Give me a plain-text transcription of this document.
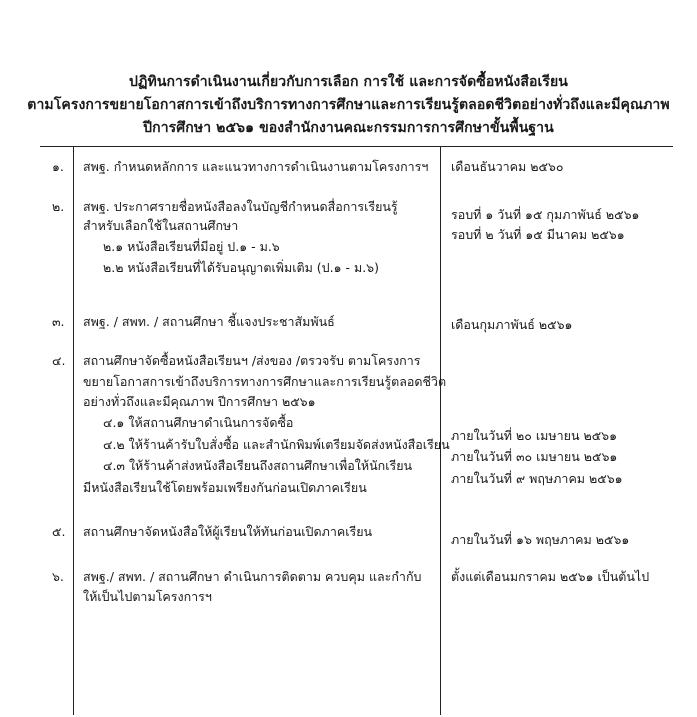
ปฏิทินการดำเนินงานเกี่ยวกับการเลือก การใช้ และการจัดซื้อหนังสือเรียน
ตามโครงการขยายโอกาสการเข้าถึงบริการทางการศึกษาและการเรียนรู้ตลอดชีวิตอย่างทั่วถึงและมีคุณภาพ
ปีการศึกษา ๒๕๖๑ ของสำนักงานคณะกรรมการการศึกษาขั้นพื้นฐาน
๑. สพฐ. กำหนดหลักการ และแนวทางการดำเนินงานตามโครงการฯ เดือนธันวาคม ๒๕๖๐
๒. สพฐ. ประกาศรายชื่อหนังสือลงในบัญชีกำหนดสื่อการเรียนรู้
สำหรับเลือกใช้ในสถานศึกษา
๒.๑ หนังสือเรียนที่มีอยู่ ป.๑ - ม.๖
๒.๒ หนังสือเรียนที่ได้รับอนุญาตเพิ่มเติม (ป.๑ - ม.๖)
รอบที่ ๑ วันที่ ๑๕ กุมภาพันธ์ ๒๕๖๑
รอบที่ ๒ วันที่ ๑๕ มีนาคม ๒๕๖๑
๓. สพฐ. / สพท. / สถานศึกษา ชี้แจงประชาสัมพันธ์	เดือนกุมภาพันธ์ ๒๕๖๑
๔. สถานศึกษาจัดซื้อหนังสือเรียนฯ /ส่งของ /ตรวจรับ ตามโครงการ
ขยายโอกาสการเข้าถึงบริการทางการศึกษาและการเรียนรู้ตลอดชีวิต
อย่างทั่วถึงและมีคุณภาพ ปีการศึกษา ๒๕๖๑
๔.๑ ให้สถานศึกษาดำเนินการจัดซื้อ
๔.๒ ให้ร้านค้ารับใบสั่งซื้อ และสำนักพิมพ์เตรียมจัดส่งหนังสือเรียน
๔.๓ ให้ร้านค้าส่งหนังสือเรียนถึงสถานศึกษาเพื่อให้นักเรียน
มีหนังสือเรียนใช้โดยพร้อมเพรียงกันก่อนเปิดภาคเรียน
ภายในวันที่ ๒๐ เมษายน ๒๕๖๑
ภายในวันที่ ๓๐ เมษายน ๒๕๖๑
ภายในวันที่ ๙ พฤษภาคม ๒๕๖๑
๕. สถานศึกษาจัดหนังสือให้ผู้เรียนให้ทันก่อนเปิดภาคเรียน
ภายในวันที่ ๑๖ พฤษภาคม ๒๕๖๑
๖. สพฐ./ สพท. / สถานศึกษา ดำเนินการติดตาม ควบคุม และกำกับ
ให้เป็นไปตามโครงการฯ
ตั้งแต่เดือนมกราคม ๒๕๖๑ เป็นต้นไป
